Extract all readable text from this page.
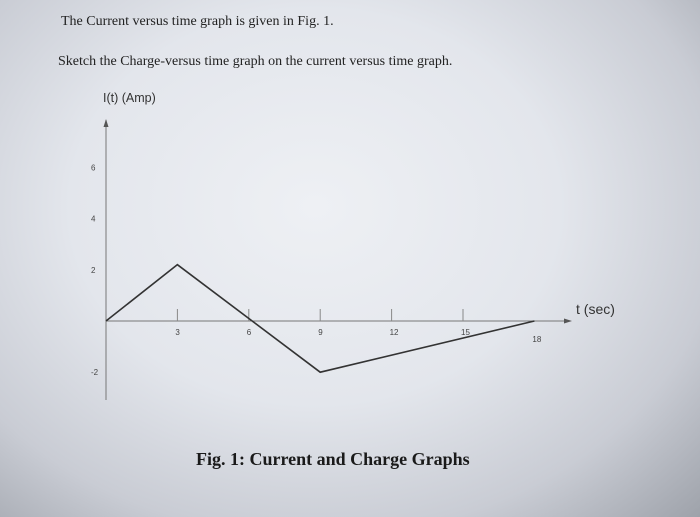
The Current versus time graph is given in Fig. 1.
Sketch the Charge-versus time graph on the current versus time graph.
I(t) (Amp)
t (sec)
3	6	9	12	15
18
6
4
2
-2
Fig. 1: Current and Charge Graphs
